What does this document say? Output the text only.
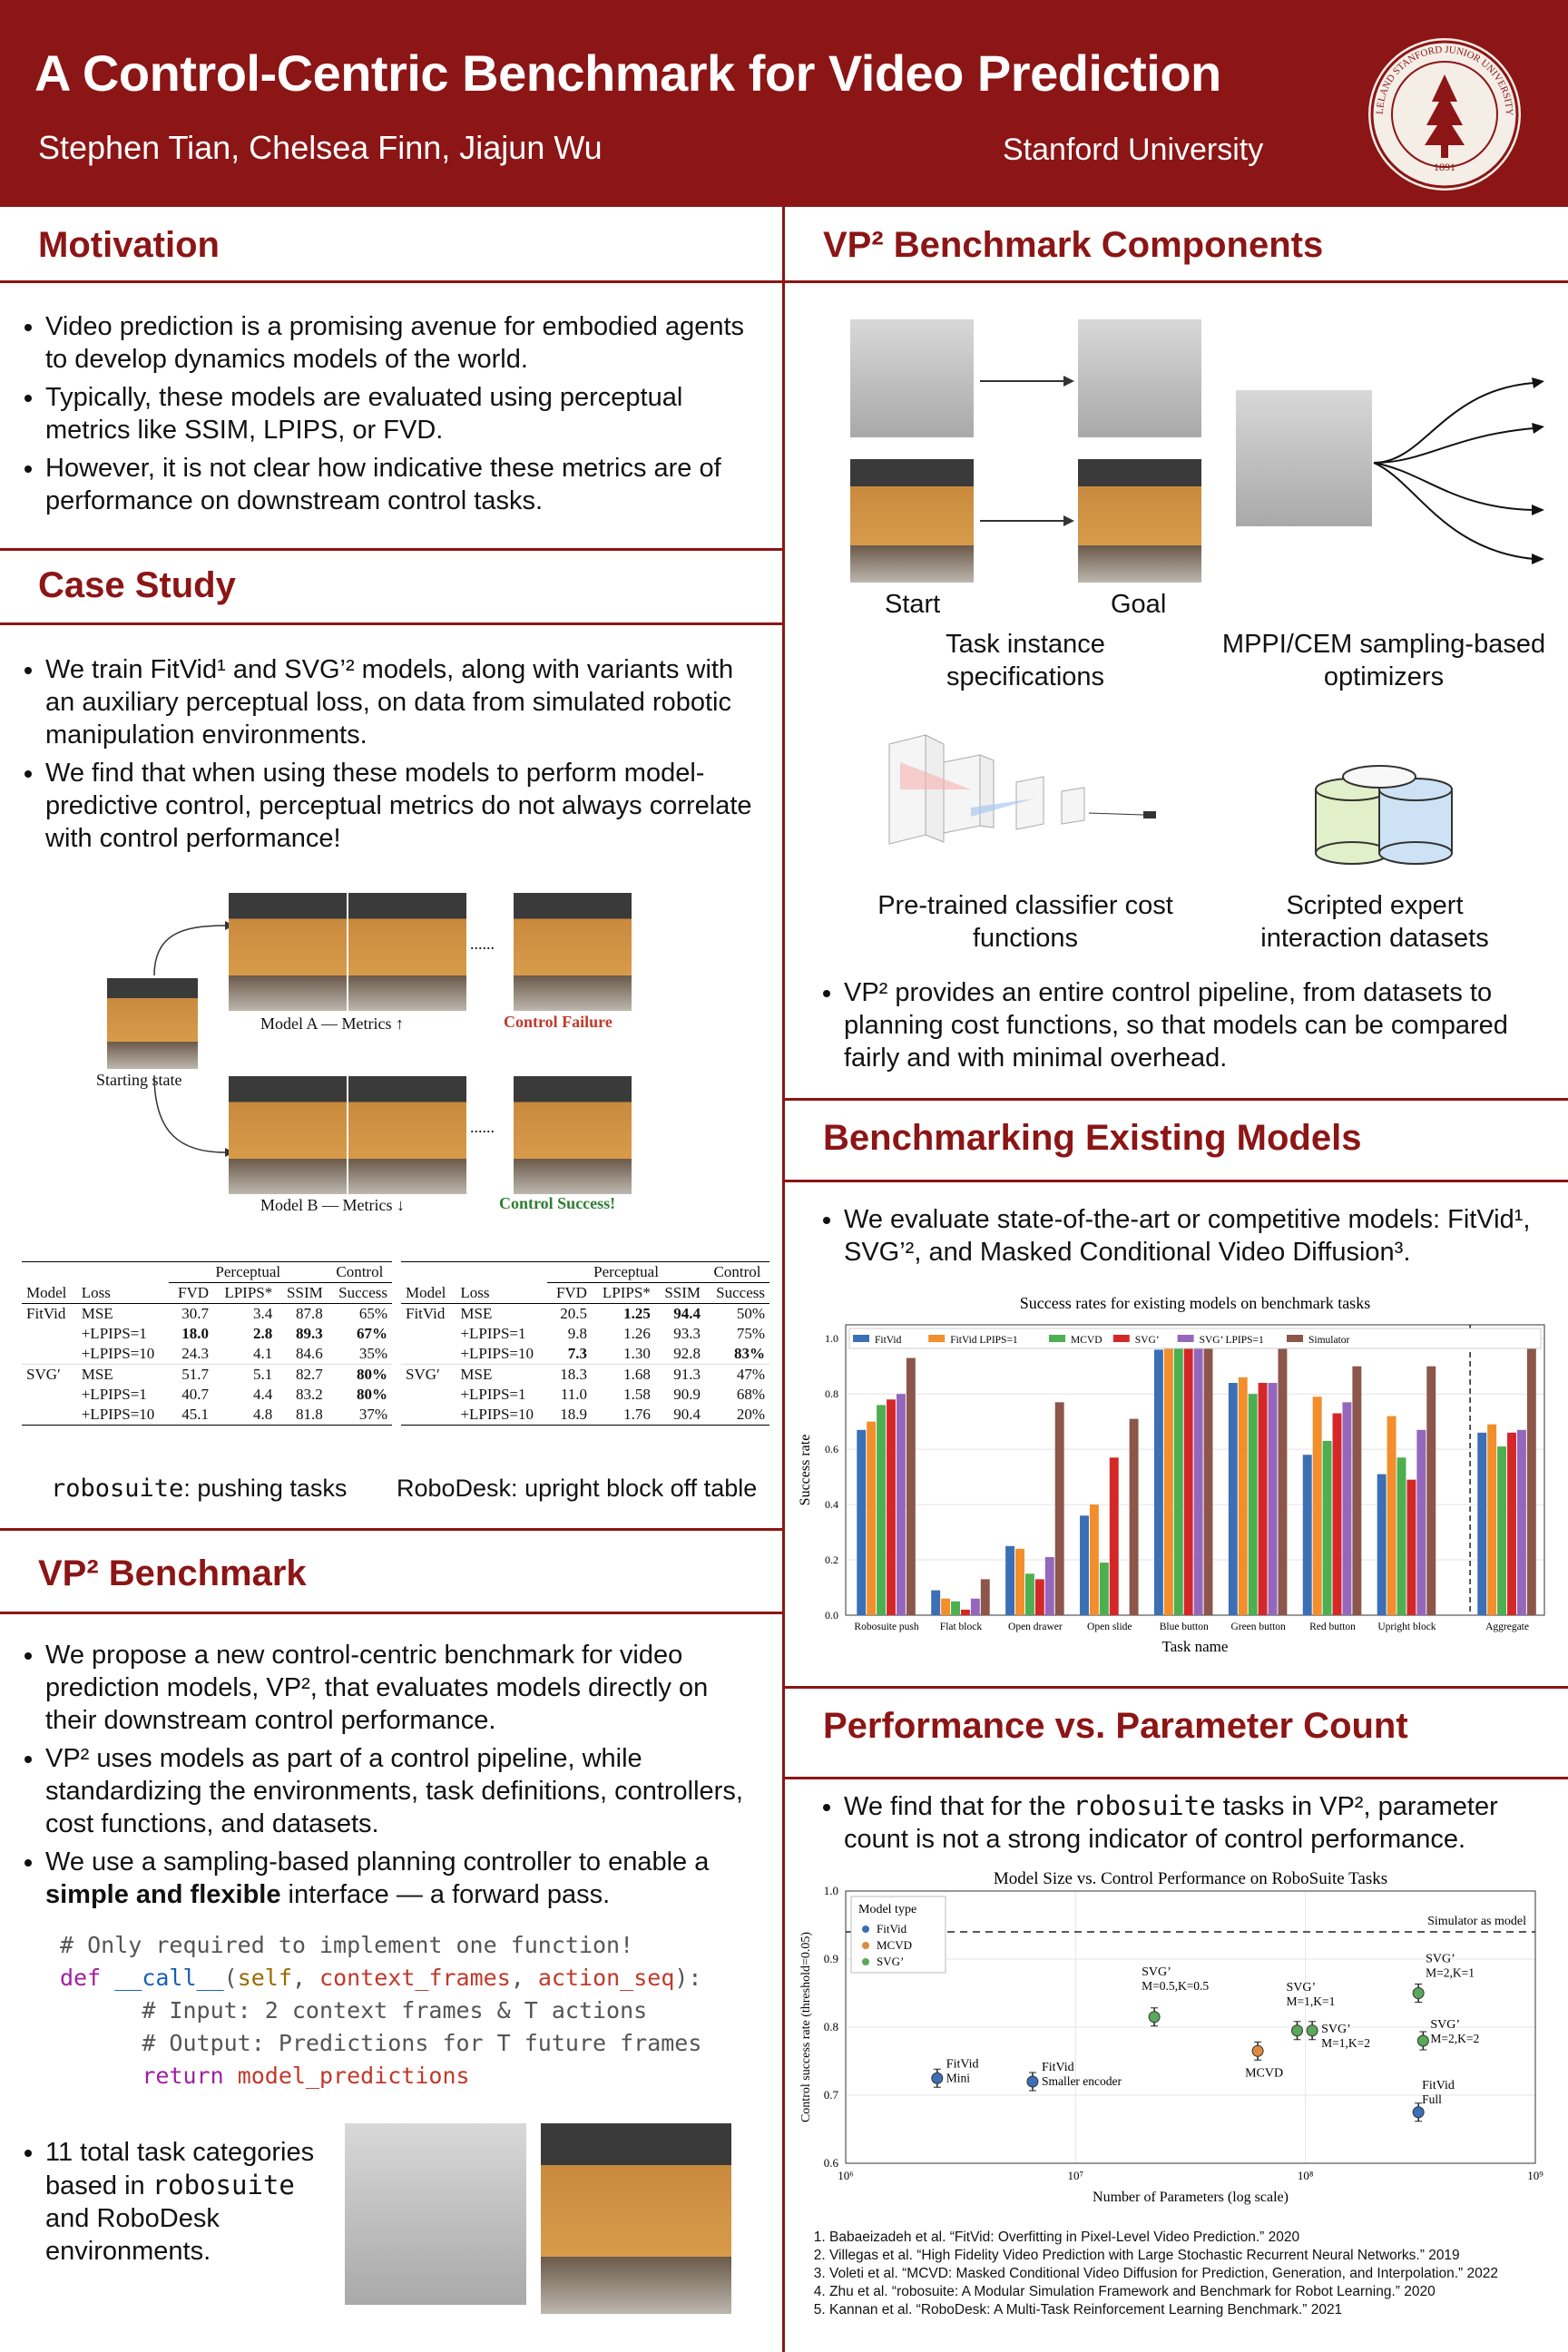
A Control-Centric Benchmark for Video Prediction
Stephen Tian, Chelsea Finn, Jiajun Wu	Stanford University
LELAND STANFORD JUNIOR UNIVERSITY
1891
Motivation
• Video prediction is a promising avenue for embodied agents to develop dynamics models of the world.
• Typically, these models are evaluated using perceptual metrics like SSIM, LPIPS, or FVD.
• However, it is not clear how indicative these metrics are of performance on downstream control tasks.
Case Study
• We train FitVid¹ and SVG’² models, along with variants with an auxiliary perceptual loss, on data from simulated robotic manipulation environments.
• We find that when using these models to perform model-predictive control, perceptual metrics do not always correlate with control performance!
Starting state
......
Model A — Metrics ↑	Control Failure
......
Model B — Metrics ↓	Control Success!
		Perceptual			Control
Model	Loss	FVD	LPIPS*	SSIM	Success
FitVid	MSE	30.7	3.4	87.8	65%
	+LPIPS=1	18.0	2.8	89.3	67%
	+LPIPS=10	24.3	4.1	84.6	35%
SVG′	MSE	51.7	5.1	82.7	80%
	+LPIPS=1	40.7	4.4	83.2	80%
	+LPIPS=10	45.1	4.8	81.8	37%
		Perceptual			Control
Model	Loss	FVD	LPIPS*	SSIM	Success
FitVid	MSE	20.5	1.25	94.4	50%
	+LPIPS=1	9.8	1.26	93.3	75%
	+LPIPS=10	7.3	1.30	92.8	83%
SVG′	MSE	18.3	1.68	91.3	47%
	+LPIPS=1	11.0	1.58	90.9	68%
	+LPIPS=10	18.9	1.76	90.4	20%
robosuite: pushing tasks RoboDesk: upright block off table
VP² Benchmark
• We propose a new control-centric benchmark for video prediction models, VP², that evaluates models directly on their downstream control performance.
• VP² uses models as part of a control pipeline, while standardizing the environments, task definitions, controllers, cost functions, and datasets.
• We use a sampling-based planning controller to enable a simple and flexible interface — a forward pass.
# Only required to implement one function!
def __call__(self, context_frames, action_seq):
# Input: 2 context frames & T actions
# Output: Predictions for T future frames
return model_predictions
• 11 total task categories based in robosuite and RoboDesk environments.
VP² Benchmark Components
Start	Goal
Task instance specifications
MPPI/CEM sampling-based optimizers
Pre-trained classifier cost functions
Scripted expert interaction datasets
• VP² provides an entire control pipeline, from datasets to planning cost functions, so that models can be compared fairly and with minimal overhead.
Benchmarking Existing Models
• We evaluate state-of-the-art or competitive models: FitVid¹, SVG’², and Masked Conditional Video Diffusion³.
Success rates for existing models on benchmark tasks
0.0
0.2
0.4
0.6
0.8
1.0
Robosuite push Flat block	Open drawer Open slide	Blue button Green button Red button Upright block	Aggregate
FitVid	FitVid LPIPS=1	MCVD	SVG’	SVG’ LPIPS=1	Simulator
Task name
Success rate
Performance vs. Parameter Count
• We find that for the robosuite tasks in VP², parameter count is not a strong indicator of control performance.
Model Size vs. Control Performance on RoboSuite Tasks
0.6
0.7
0.8
0.9
1.0
10⁶	10⁷	10⁸	10⁹
Simulator as model
Model type
FitVid
MCVD
SVG’
FitVid
Mini
FitVid
Smaller encoder	FitVid
Full
MCVD
SVG’
M=0.5,K=0.5	SVG’
M=1,K=1
SVG’
M=1,K=2
SVG’
M=2,K=1
SVG’
M=2,K=2
Number of Parameters (log scale)
Control success rate (threshold=0.05)
1. Babaeizadeh et al. “FitVid: Overfitting in Pixel-Level Video Prediction.” 2020
2. Villegas et al. “High Fidelity Video Prediction with Large Stochastic Recurrent Neural Networks.” 2019
3. Voleti et al. “MCVD: Masked Conditional Video Diffusion for Prediction, Generation, and Interpolation.” 2022
4. Zhu et al. “robosuite: A Modular Simulation Framework and Benchmark for Robot Learning.” 2020
5. Kannan et al. “RoboDesk: A Multi-Task Reinforcement Learning Benchmark.” 2021
